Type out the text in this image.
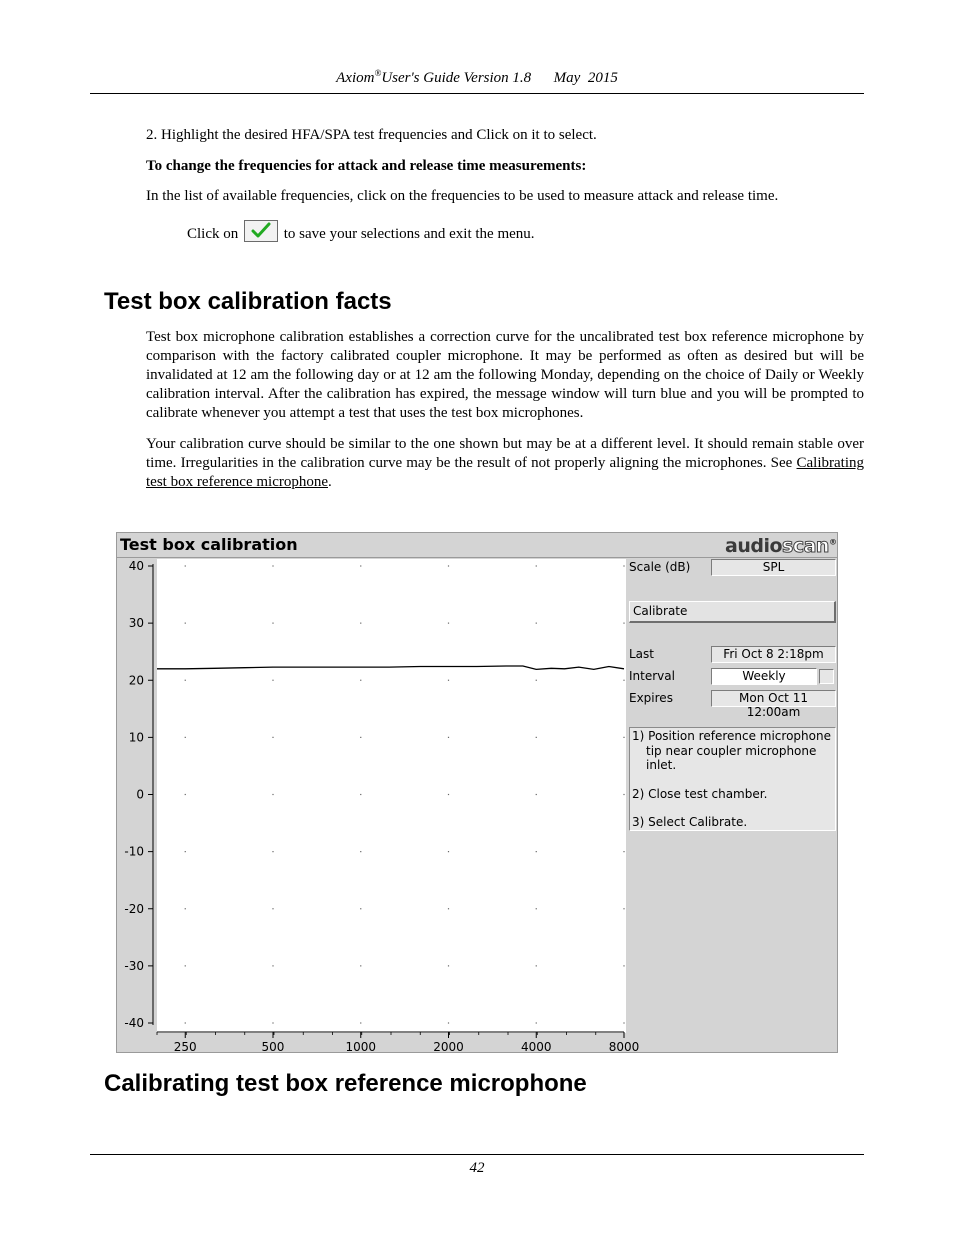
Axiom®User's Guide Version 1.8      May  2015
2. Highlight the desired HFA/SPA test frequencies and Click on it to select.
To change the frequencies for attack and release time measurements:
In the list of available frequencies, click on the frequencies to be used to measure attack and release time.
Click on	to save your selections and exit the menu.
Test box calibration facts
Test box microphone calibration establishes a correction curve for the uncalibrated test box reference microphone by comparison with the factory calibrated coupler microphone. It may be performed as often as desired but will be invalidated at 12 am the following day or at 12 am the following Monday, depending on the choice of Daily or Weekly calibration interval. After the calibration has expired, the message window will turn blue and you will be prompted to calibrate whenever you attempt a test that uses the test box microphones.
Your calibration curve should be similar to the one shown but may be at a different level. It should remain stable over time. Irregularities in the calibration curve may be the result of not properly aligning the microphones. See Calibrating test box reference microphone.
Test box calibration	audioscan®
40
30
20
10
0
-10
-20
-30
-40
250	500	1000	2000	4000	8000
Scale (dB)	SPL
Calibrate
Last	Fri Oct 8 2:18pm
Interval	Weekly
Expires	Mon Oct 11 12:00am
1) Position reference microphone
tip near coupler microphone
inlet.
2) Close test chamber.
3) Select Calibrate.
Calibrating test box reference microphone
42
